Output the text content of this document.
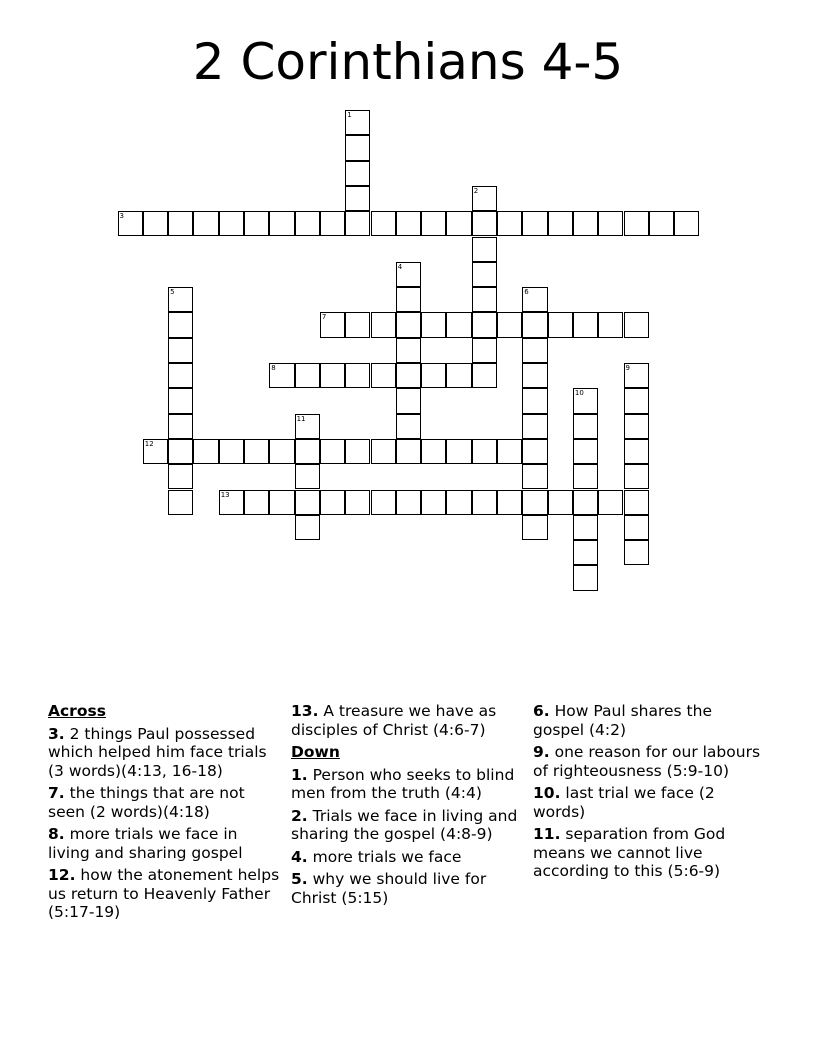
2 Corinthians 4-5
1
2
3
4
5	6
7
8	9
10
11
12
13
Across
3. 2 things Paul possessed which helped him face trials (3 words)(4:13, 16-18)
7. the things that are not seen (2 words)(4:18)
8. more trials we face in living and sharing gospel
12. how the atonement helps us return to Heavenly Father (5:17-19)
13. A treasure we have as disciples of Christ (4:6-7)
Down
1. Person who seeks to blind men from the truth (4:4)
2. Trials we face in living and sharing the gospel (4:8-9)
4. more trials we face
5. why we should live for Christ (5:15)
6. How Paul shares the gospel (4:2)
9. one reason for our labours of righteousness (5:9-10)
10. last trial we face (2 words)
11. separation from God means we cannot live according to this (5:6-9)
